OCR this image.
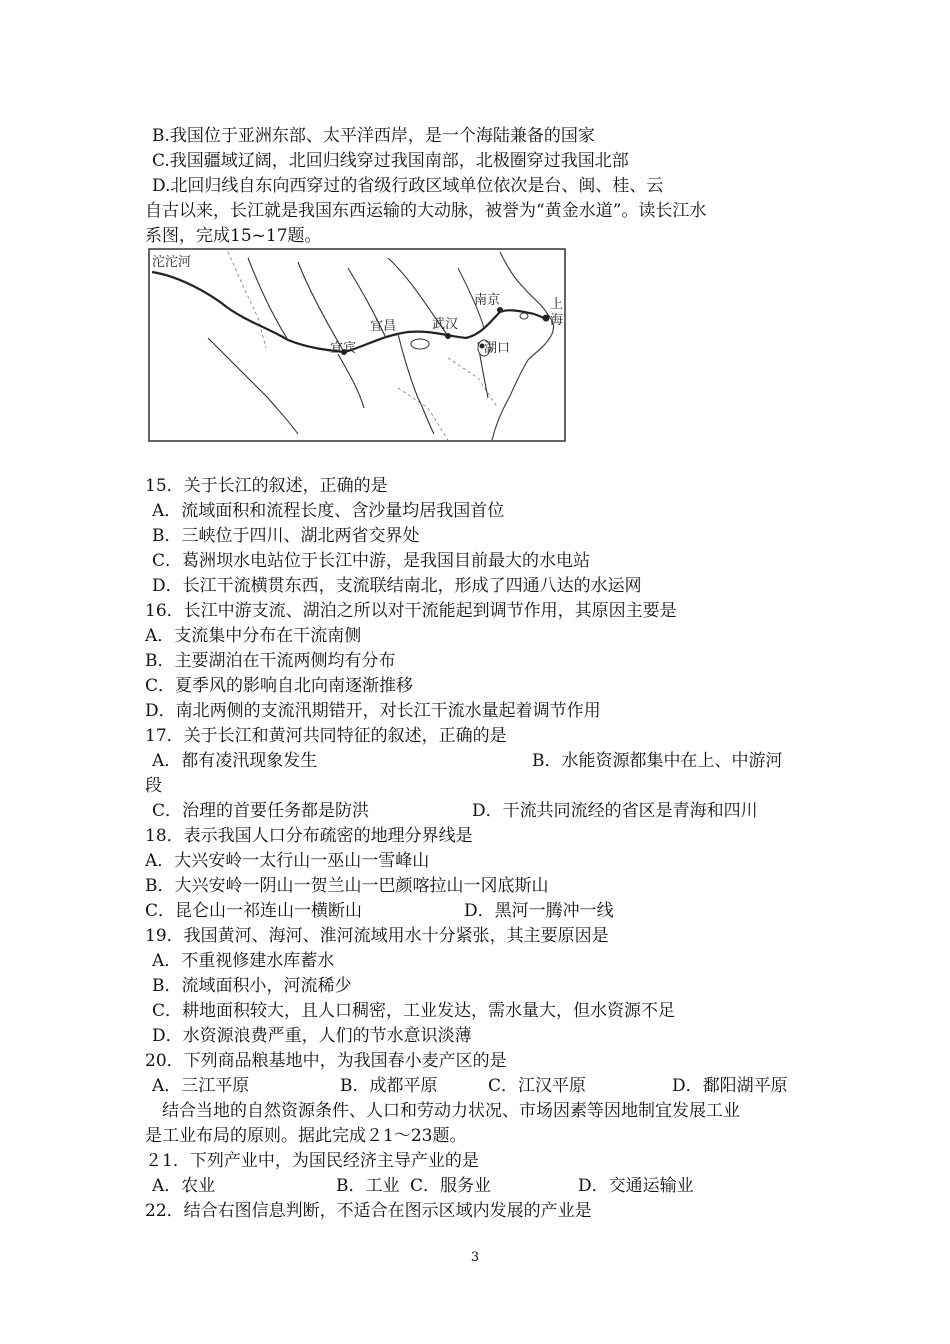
B.我国位于亚洲东部、太平洋西岸，是一个海陆兼备的国家
C.我国疆域辽阔，北回归线穿过我国南部，北极圈穿过我国北部
D.北回归线自东向西穿过的省级行政区域单位依次是台、闽、桂、云
自古以来，长江就是我国东西运输的大动脉，被誉为“黄金水道”。读长江水
系图，完成15~17题。
沱沱河
宜宾
宜昌	武汉
南京	上
海
湖口
15．关于长江的叙述，正确的是
A．流域面积和流程长度、含沙量均居我国首位
B．三峡位于四川、湖北两省交界处
C．葛洲坝水电站位于长江中游，是我国目前最大的水电站
D．长江干流横贯东西，支流联结南北，形成了四通八达的水运网
16．长江中游支流、湖泊之所以对干流能起到调节作用，其原因主要是
A．支流集中分布在干流南侧
B．主要湖泊在干流两侧均有分布
C．夏季风的影响自北向南逐渐推移
D．南北两侧的支流汛期错开，对长江干流水量起着调节作用
17．关于长江和黄河共同特征的叙述，正确的是
A．都有凌汛现象发生	B．水能资源都集中在上、中游河
段
C．治理的首要任务都是防洪	D．干流共同流经的省区是青海和四川
18．表示我国人口分布疏密的地理分界线是
A．大兴安岭一太行山一巫山一雪峰山
B．大兴安岭一阴山一贺兰山一巴颜喀拉山一冈底斯山
C．昆仑山一祁连山一横断山	D．黑河一腾冲一线
19．我国黄河、海河、淮河流域用水十分紧张，其主要原因是
A．不重视修建水库蓄水
B．流域面积小，河流稀少
C．耕地面积较大，且人口稠密，工业发达，需水量大，但水资源不足
D．水资源浪费严重，人们的节水意识淡薄
20．下列商品粮基地中，为我国春小麦产区的是
A．三江平原	B．成都平原	C．江汉平原	D．鄱阳湖平原
结合当地的自然资源条件、人口和劳动力状况、市场因素等因地制宜发展工业
是工业布局的原则。据此完成２1～23题。
２1．下列产业中，为国民经济主导产业的是
A．农业	B．工业 C．服务业	D．交通运输业
22．结合右图信息判断，不适合在图示区域内发展的产业是
3
